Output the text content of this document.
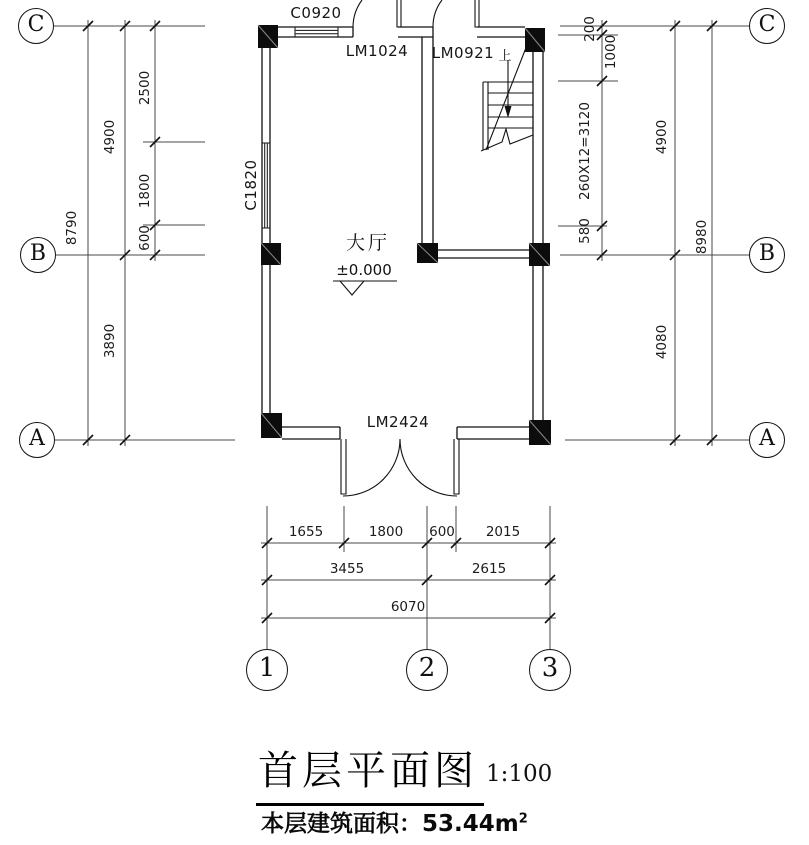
C
B
A
C
B
A
1	2	3
8790
4900
3890
2500
1800
600
200
1000
260X12=3120
580
4900
4080
8980
1655	1800 600 2015
3455	2615
6070
C0920
LM1024 LM0921
C1820
LM2424
大厅
±0.000
上
首层平面图 1:100
本层建筑面积：$53.44m^2$
